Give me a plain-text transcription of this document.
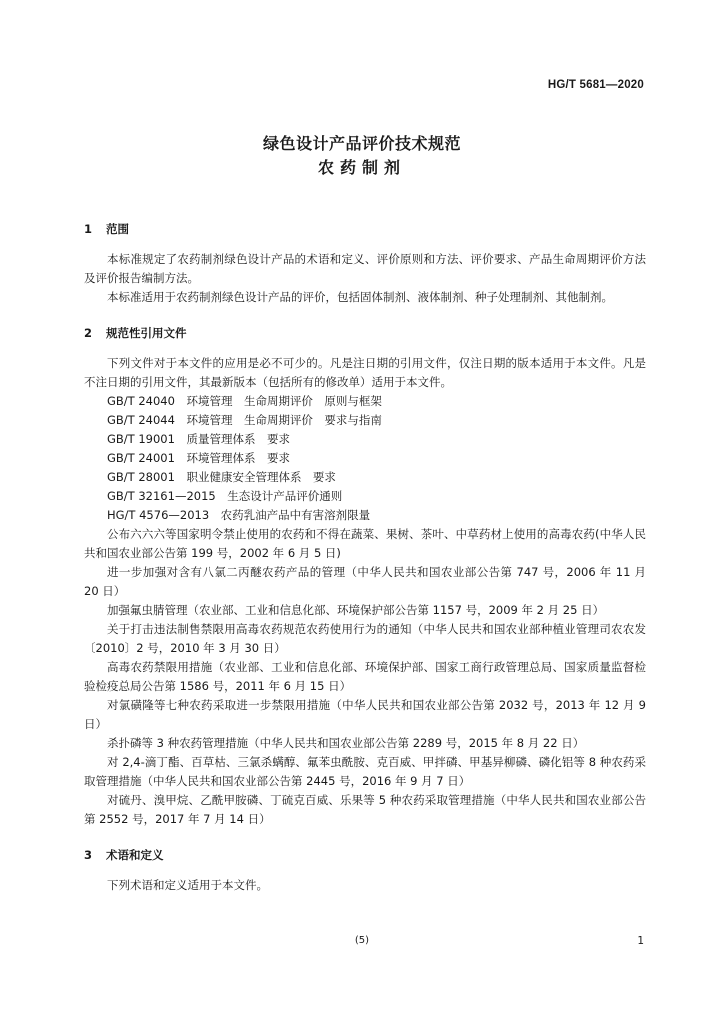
HG/T 5681—2020
绿色设计产品评价技术规范
农药制剂
1 范围

本标准规定了农药制剂绿色设计产品的术语和定义、评价原则和方法、评价要求、产品生命周期评价方法及评价报告编制方法。

本标准适用于农药制剂绿色设计产品的评价，包括固体制剂、液体制剂、种子处理制剂、其他制剂。

2 规范性引用文件

下列文件对于本文件的应用是必不可少的。凡是注日期的引用文件，仅注日期的版本适用于本文件。凡是不注日期的引用文件，其最新版本（包括所有的修改单）适用于本文件。

GB/T 24040　环境管理　生命周期评价　原则与框架

GB/T 24044　环境管理　生命周期评价　要求与指南

GB/T 19001　质量管理体系　要求

GB/T 24001　环境管理体系　要求

GB/T 28001　职业健康安全管理体系　要求

GB/T 32161—2015　生态设计产品评价通则

HG/T 4576—2013　农药乳油产品中有害溶剂限量

公布六六六等国家明令禁止使用的农药和不得在蔬菜、果树、茶叶、中草药材上使用的高毒农药(中华人民共和国农业部公告第 199 号，2002 年 6 月 5 日)

进一步加强对含有八氯二丙醚农药产品的管理（中华人民共和国农业部公告第 747 号，2006 年 11 月 20 日）

加强氟虫腈管理（农业部、工业和信息化部、环境保护部公告第 1157 号，2009 年 2 月 25 日）

关于打击违法制售禁限用高毒农药规范农药使用行为的通知（中华人民共和国农业部种植业管理司农农发〔2010〕2 号，2010 年 3 月 30 日）

高毒农药禁限用措施（农业部、工业和信息化部、环境保护部、国家工商行政管理总局、国家质量监督检验检疫总局公告第 1586 号，2011 年 6 月 15 日）

对氯磺隆等七种农药采取进一步禁限用措施（中华人民共和国农业部公告第 2032 号，2013 年 12 月 9 日）

杀扑磷等 3 种农药管理措施（中华人民共和国农业部公告第 2289 号，2015 年 8 月 22 日）

对 2,4-滴丁酯、百草枯、三氯杀螨醇、氟苯虫酰胺、克百威、甲拌磷、甲基异柳磷、磷化铝等 8 种农药采取管理措施（中华人民共和国农业部公告第 2445 号，2016 年 9 月 7 日）

对硫丹、溴甲烷、乙酰甲胺磷、丁硫克百威、乐果等 5 种农药采取管理措施（中华人民共和国农业部公告第 2552 号，2017 年 7 月 14 日）

3 术语和定义

下列术语和定义适用于本文件。

(5)	1
